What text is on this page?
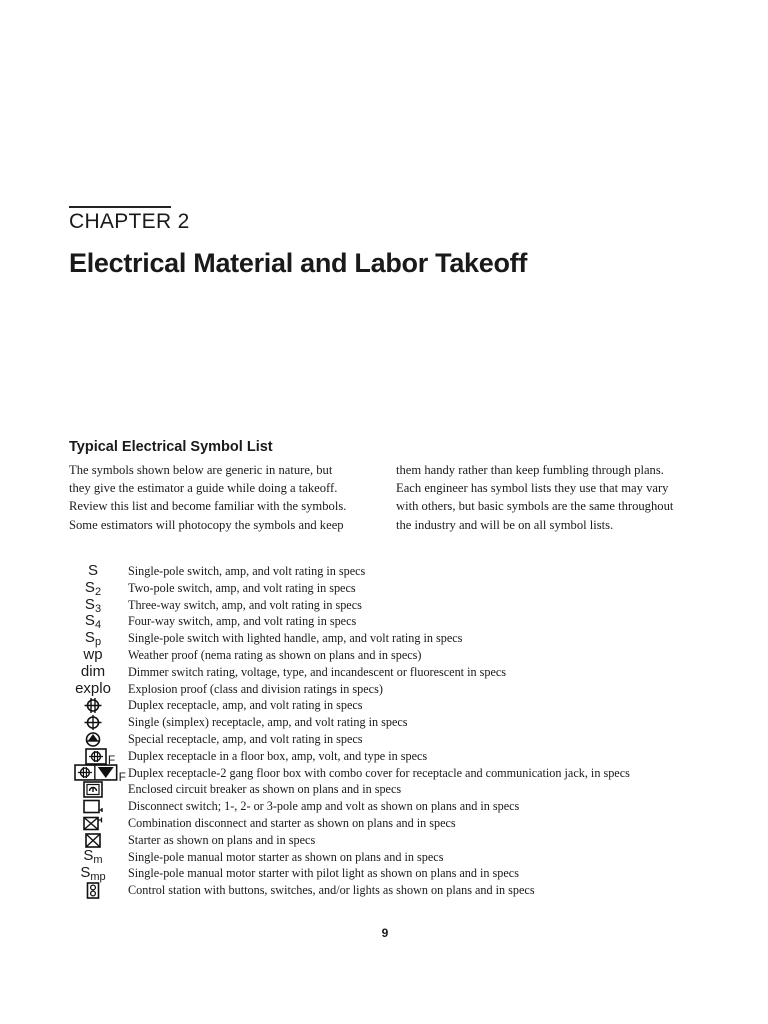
CHAPTER 2
Electrical Material and Labor Takeoff
Typical Electrical Symbol List
The symbols shown below are generic in nature, but
they give the estimator a guide while doing a takeoff.
Review this list and become familiar with the symbols.
Some estimators will photocopy the symbols and keep
them handy rather than keep fumbling through plans.
Each engineer has symbol lists they use that may vary
with others, but basic symbols are the same throughout
the industry and will be on all symbol lists.
S Single-pole switch, amp, and volt rating in specs
$S_2$ Two-pole switch, amp, and volt rating in specs
$S_3$ Three-way switch, amp, and volt rating in specs
$S_4$ Four-way switch, amp, and volt rating in specs
$S_p$ Single-pole switch with lighted handle, amp, and volt rating in specs
wp Weather proof (nema rating as shown on plans and in specs)
dim Dimmer switch rating, voltage, type, and incandescent or fluorescent in specs
explo Explosion proof (class and division ratings in specs)
Duplex receptacle, amp, and volt rating in specs
Single (simplex) receptacle, amp, and volt rating in specs
Special receptacle, amp, and volt rating in specs
F Duplex receptacle in a floor box, amp, volt, and type in specs
F Duplex receptacle-2 gang floor box with combo cover for receptacle and communication jack, in specs
Enclosed circuit breaker as shown on plans and in specs
Disconnect switch; 1-, 2- or 3-pole amp and volt as shown on plans and in specs
Combination disconnect and starter as shown on plans and in specs
Starter as shown on plans and in specs
$S_m$ Single-pole manual motor starter as shown on plans and in specs
$S_{mp}$ Single-pole manual motor starter with pilot light as shown on plans and in specs
Control station with buttons, switches, and/or lights as shown on plans and in specs
9
